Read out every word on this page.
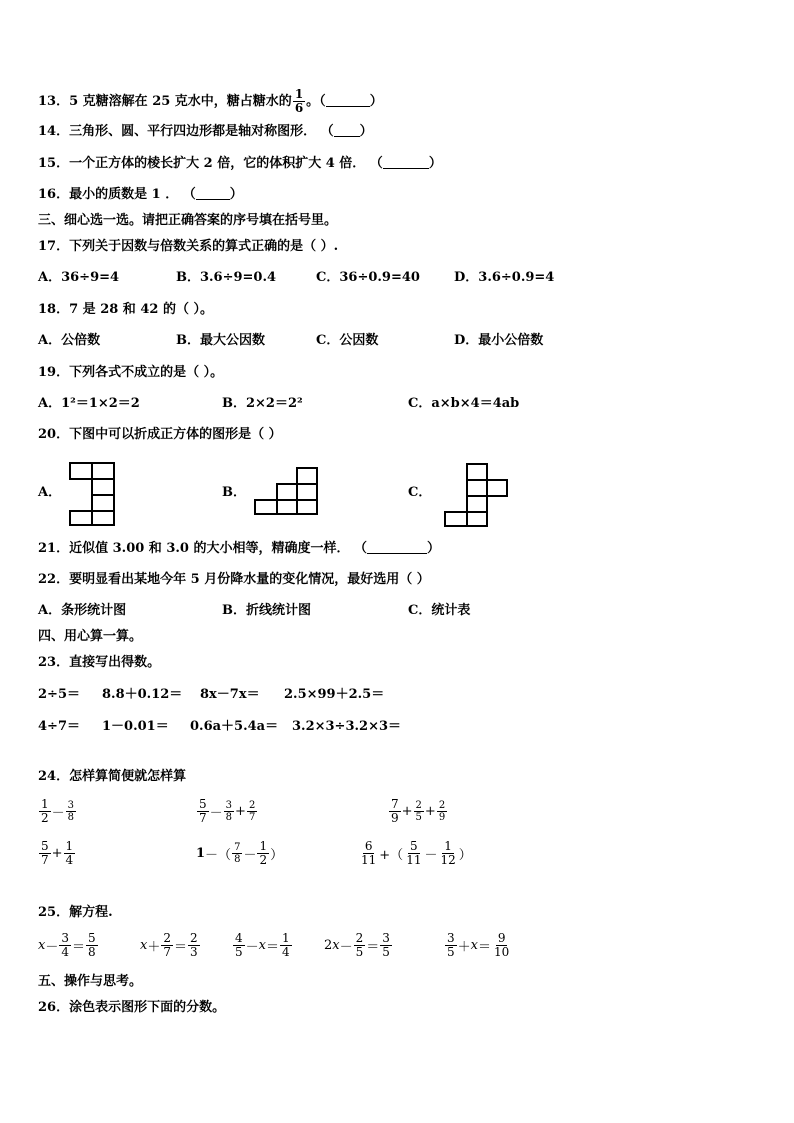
13．5 克糖溶解在 25 克水中，糖占糖水的 $\frac{1}{6}$ 。（	）
14．三角形、圆、平行四边形都是轴对称图形． （ ）
15．一个正方体的棱长扩大 2 倍，它的体积扩大 4 倍． （	）
16．最小的质数是 1 ． （	）
三、细心选一选。请把正确答案的序号填在括号里。
17．下列关于因数与倍数关系的算式正确的是（ ）.
A．36÷9=4	B．3.6÷9=0.4	C．36÷0.9=40	D．3.6÷0.9=4
18．7 是 28 和 42 的（ ）。
A．公倍数	B．最大公因数	C．公因数	D．最小公倍数
19．下列各式不成立的是（ ）。
A．1²＝1×2＝2	B．2×2＝2²	C．a×b×4＝4ab
20．下图中可以折成正方体的图形是（ ）
A．	B．	C．
21．近似值 3.00 和 3.0 的大小相等，精确度一样． （	）
22．要明显看出某地今年 5 月份降水量的变化情况，最好选用（ ）
A．条形统计图	B．折线统计图	C．统计表
四、用心算一算。
23．直接写出得数。
2÷5＝ 8.8＋0.12＝ 8x－7x＝ 2.5×99＋2.5＝
4÷7＝ 1－0.01＝ 0.6a＋5.4a＝ 3.2×3÷3.2×3＝
24．怎样算简便就怎样算
$\frac{1}{2} - \frac{3}{8}$	$\frac{5}{7} - \frac{3}{8} + \frac{2}{7}$	$\frac{7}{9} + \frac{2}{5} + \frac{2}{9}$
$\frac{5}{7} + \frac{1}{4}$	1 －（ $\frac{7}{8} - \frac{1}{2}$ ）	$\frac{6}{11}$ +（ $\frac{5}{11} - \frac{1}{12}$ ）
25．解方程.
$x - \frac{3}{4} = \frac{5}{8}$	$x + \frac{2}{7} = \frac{2}{3}$	$\frac{4}{5} - x = \frac{1}{4} 2$ $x - \frac{2}{5} = \frac{3}{5}$	$\frac{3}{5} + x = \frac{9}{10}$
五、操作与思考。
26．涂色表示图形下面的分数。
